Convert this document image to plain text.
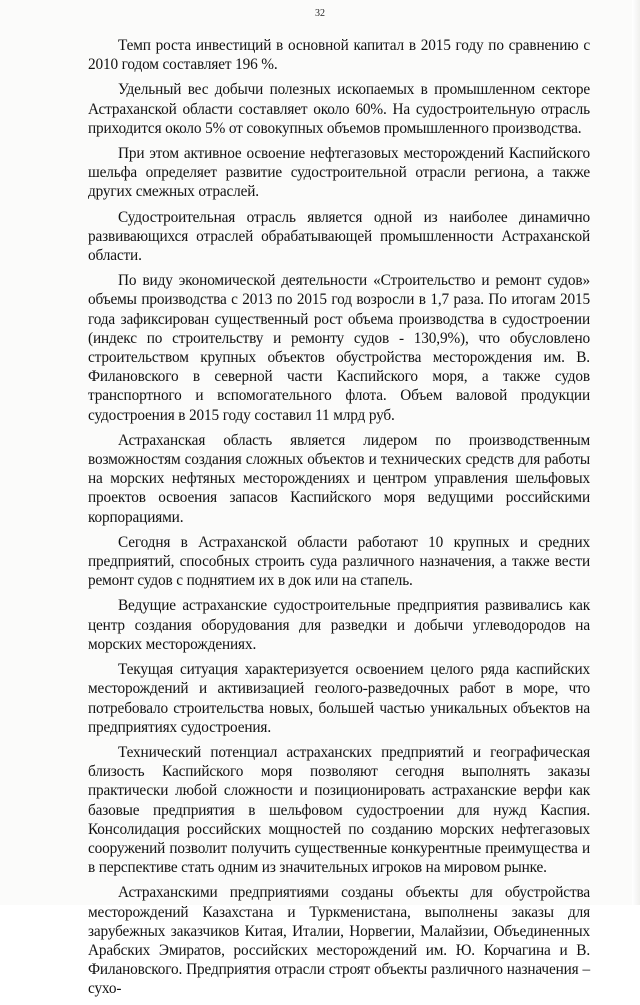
32

Темп роста инвестиций в основной капитал в 2015 году по сравнению с 2010 годом составляет 196 %.

Удельный вес добычи полезных ископаемых в промышленном секторе Астраханской области составляет около 60%. На судостроительную отрасль приходится около 5% от совокупных объемов промышленного производства.

При этом активное освоение нефтегазовых месторождений Каспийского шельфа определяет развитие судостроительной отрасли региона, а также других смежных отраслей.

Судостроительная отрасль является одной из наиболее динамично развивающихся отраслей обрабатывающей промышленности Астраханской области.

По виду экономической деятельности «Строительство и ремонт судов» объемы производства с 2013 по 2015 год возросли в 1,7 раза. По итогам 2015 года зафиксирован существенный рост объема производства в судостроении (индекс по строительству и ремонту судов - 130,9%), что обусловлено строительством крупных объектов обустройства месторождения им. В. Филановского в северной части Каспийского моря, а также судов транспортного и вспомогательного флота. Объем валовой продукции судостроения в 2015 году составил 11 млрд руб.

Астраханская область является лидером по производственным возможностям создания сложных объектов и технических средств для работы на морских нефтяных месторождениях и центром управления шельфовых проектов освоения запасов Каспийского моря ведущими российскими корпорациями.

Сегодня в Астраханской области работают 10 крупных и средних предприятий, способных строить суда различного назначения, а также вести ремонт судов с поднятием их в док или на стапель.

Ведущие астраханские судостроительные предприятия развивались как центр создания оборудования для разведки и добычи углеводородов на морских месторождениях.

Текущая ситуация характеризуется освоением целого ряда каспийских месторождений и активизацией геолого-разведочных работ в море, что потребовало строительства новых, большей частью уникальных объектов на предприятиях судостроения.

Технический потенциал астраханских предприятий и географическая близость Каспийского моря позволяют сегодня выполнять заказы практически любой сложности и позиционировать астраханские верфи как базовые предприятия в шельфовом судостроении для нужд Каспия. Консолидация российских мощностей по созданию морских нефтегазовых сооружений позволит получить существенные конкурентные преимущества и в перспективе стать одним из значительных игроков на мировом рынке.

Астраханскими предприятиями созданы объекты для обустройства месторождений Казахстана и Туркменистана, выполнены заказы для зарубежных заказчиков Китая, Италии, Норвегии, Малайзии, Объединенных Арабских Эмиратов, российских месторождений им. Ю. Корчагина и В. Филановского. Предприятия отрасли строят объекты различного назначения – сухо-
